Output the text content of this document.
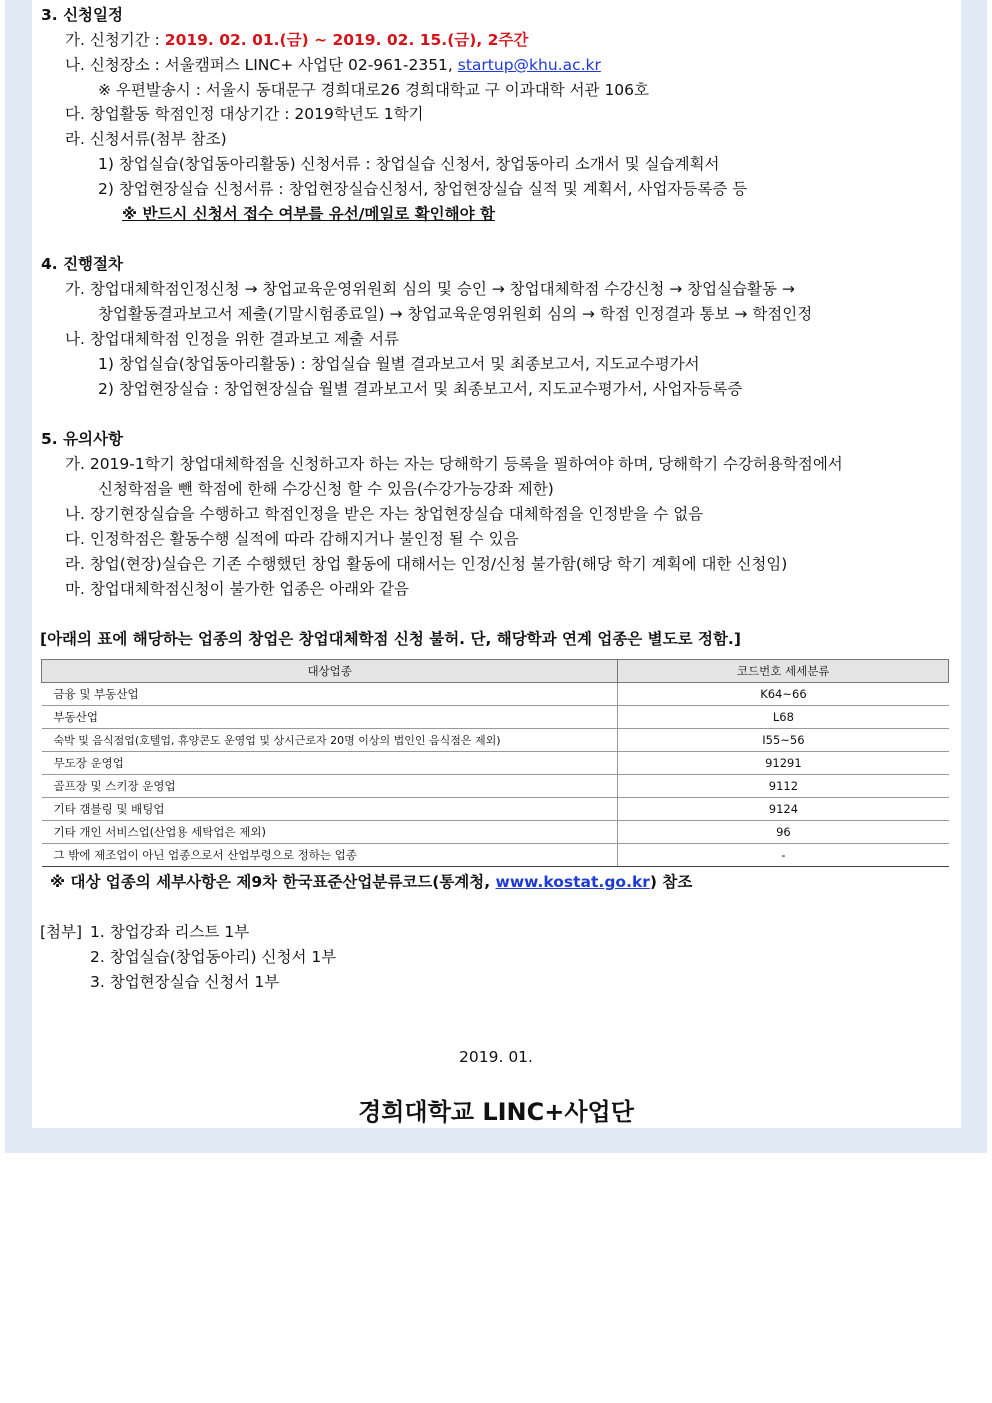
3. 신청일정
가. 신청기간 : 2019. 02. 01.(금) ~ 2019. 02. 15.(금), 2주간
나. 신청장소 : 서울캠퍼스 LINC+ 사업단 02-961-2351, startup@khu.ac.kr
※ 우편발송시 : 서울시 동대문구 경희대로26 경희대학교 구 이과대학 서관 106호
다. 창업활동 학점인정 대상기간 : 2019학년도 1학기
라. 신청서류(첨부 참조)
1) 창업실습(창업동아리활동) 신청서류 : 창업실습 신청서, 창업동아리 소개서 및 실습계획서
2) 창업현장실습 신청서류 : 창업현장실습신청서, 창업현장실습 실적 및 계획서, 사업자등록증 등
※ 반드시 신청서 접수 여부를 유선/메일로 확인해야 함
4. 진행절차
가. 창업대체학점인정신청 → 창업교육운영위원회 심의 및 승인 → 창업대체학점 수강신청 → 창업실습활동 →
창업활동결과보고서 제출(기말시험종료일) → 창업교육운영위원회 심의 → 학점 인정결과 통보 → 학점인정
나. 창업대체학점 인정을 위한 결과보고 제출 서류
1) 창업실습(창업동아리활동) : 창업실습 월별 결과보고서 및 최종보고서, 지도교수평가서
2) 창업현장실습 : 창업현장실습 월별 결과보고서 및 최종보고서, 지도교수평가서, 사업자등록증
5. 유의사항
가. 2019-1학기 창업대체학점을 신청하고자 하는 자는 당해학기 등록을 필하여야 하며, 당해학기 수강허용학점에서
신청학점을 뺀 학점에 한해 수강신청 할 수 있음(수강가능강좌 제한)
나. 장기현장실습을 수행하고 학점인정을 받은 자는 창업현장실습 대체학점을 인정받을 수 없음
다. 인정학점은 활동수행 실적에 따라 감해지거나 불인정 될 수 있음
라. 창업(현장)실습은 기존 수행했던 창업 활동에 대해서는 인정/신청 불가함(해당 학기 계획에 대한 신청임)
마. 창업대체학점신청이 불가한 업종은 아래와 같음
[아래의 표에 해당하는 업종의 창업은 창업대체학점 신청 불허. 단, 해당학과 연계 업종은 별도로 정함.]
대상업종	코드번호 세세분류
금융 및 부동산업	K64~66
부동산업	L68
숙박 및 음식점업(호텔업, 휴양콘도 운영업 및 상시근로자 20명 이상의 법인인 음식점은 제외)	I55~56
무도장 운영업	91291
골프장 및 스키장 운영업	9112
기타 갬블링 및 배팅업	9124
기타 개인 서비스업(산업용 세탁업은 제외)	96
그 밖에 제조업이 아닌 업종으로서 산업부령으로 정하는 업종	-
※ 대상 업종의 세부사항은 제9차 한국표준산업분류코드(통계청, www.kostat.go.kr) 참조
[첨부] 1. 창업강좌 리스트 1부
2. 창업실습(창업동아리) 신청서 1부
3. 창업현장실습 신청서 1부
2019. 01.
경희대학교 LINC+사업단
